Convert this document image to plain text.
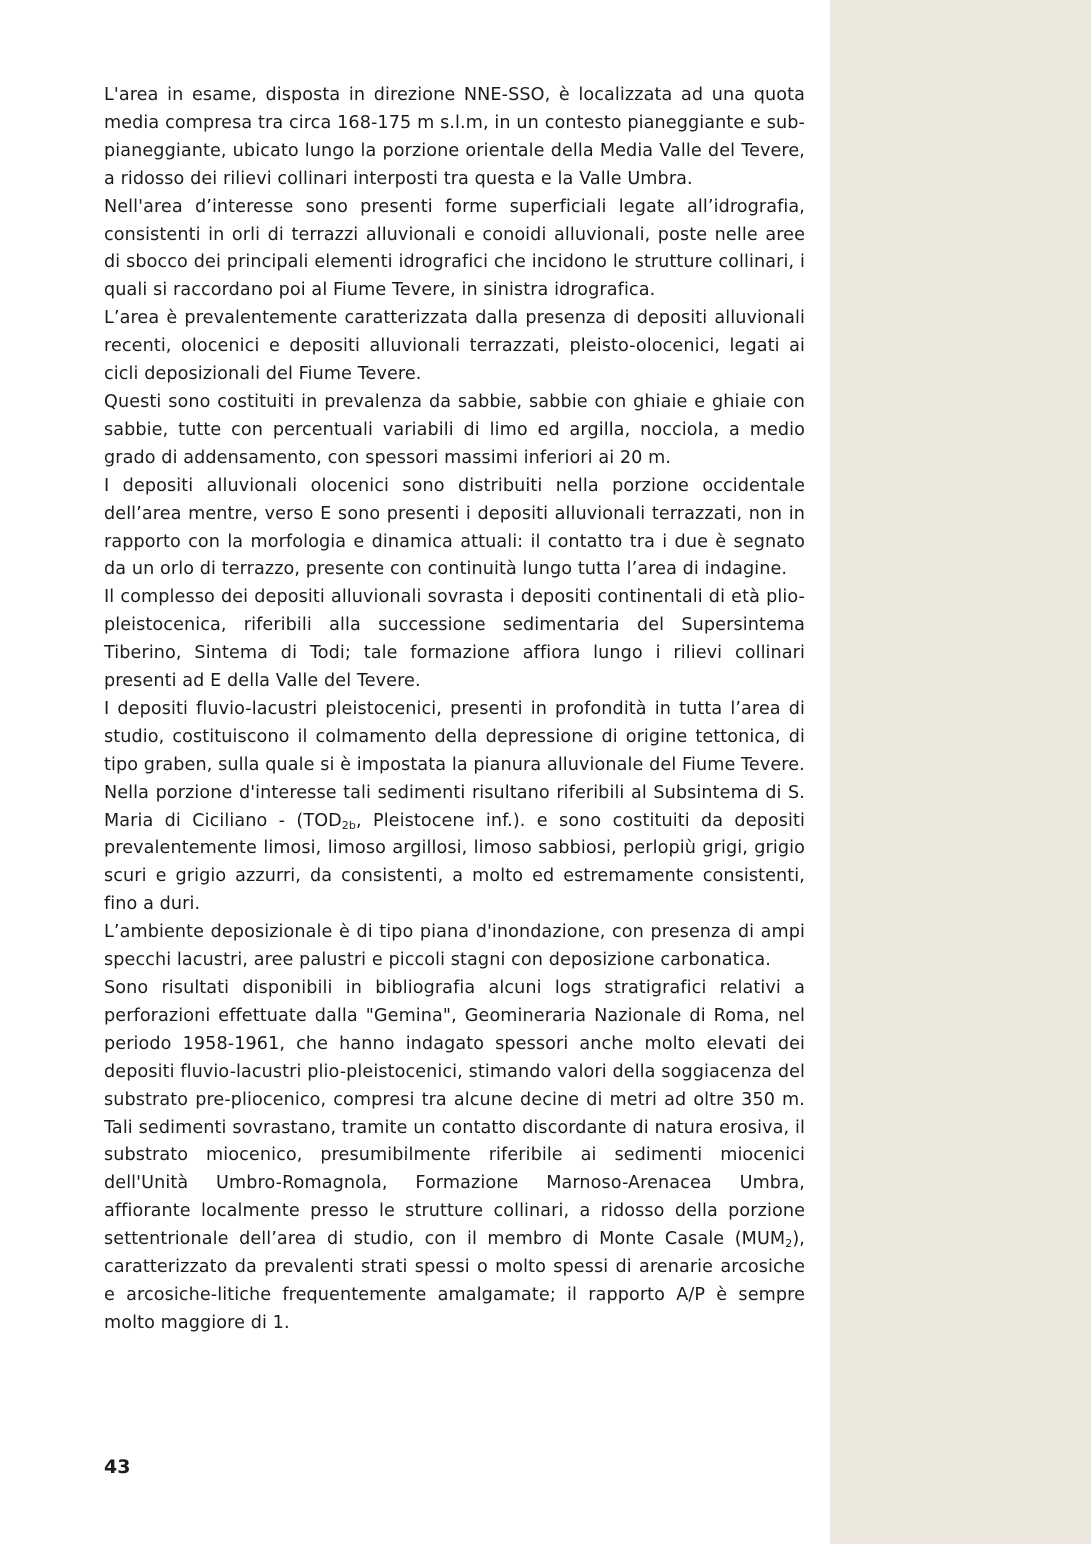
L'area in esame, disposta in direzione NNE-SSO, è localizzata ad una quota media compresa tra circa 168-175 m s.l.m, in un contesto pianeggiante e sub-pianeggiante, ubicato lungo la porzione orientale della Media Valle del Tevere, a ridosso dei rilievi collinari interposti tra questa e la Valle Umbra.

Nell'area d’interesse sono presenti forme superficiali legate all’idrografia, consistenti in orli di terrazzi alluvionali e conoidi alluvionali, poste nelle aree di sbocco dei principali elementi idrografici che incidono le strutture collinari, i quali si raccordano poi al Fiume Tevere, in sinistra idrografica.

L’area è prevalentemente caratterizzata dalla presenza di depositi alluvionali recenti, olocenici e depositi alluvionali terrazzati, pleisto-olocenici, legati ai cicli deposizionali del Fiume Tevere.

Questi sono costituiti in prevalenza da sabbie, sabbie con ghiaie e ghiaie con sabbie, tutte con percentuali variabili di limo ed argilla, nocciola, a medio grado di addensamento, con spessori massimi inferiori ai 20 m.

I depositi alluvionali olocenici sono distribuiti nella porzione occidentale dell’area mentre, verso E sono presenti i depositi alluvionali terrazzati, non in rapporto con la morfologia e dinamica attuali: il contatto tra i due è segnato da un orlo di terrazzo, presente con continuità lungo tutta l’area di indagine.

Il complesso dei depositi alluvionali sovrasta i depositi continentali di età plio-pleistocenica, riferibili alla successione sedimentaria del Supersintema Tiberino, Sintema di Todi; tale formazione affiora lungo i rilievi collinari presenti ad E della Valle del Tevere.

I depositi fluvio-lacustri pleistocenici, presenti in profondità in tutta l’area di studio, costituiscono il colmamento della depressione di origine tettonica, di tipo graben, sulla quale si è impostata la pianura alluvionale del Fiume Tevere.

Nella porzione d'interesse tali sedimenti risultano riferibili al Subsintema di S. Maria di Ciciliano - ($TOD_{2b}$, Pleistocene inf.). e sono costituiti da depositi prevalentemente limosi, limoso argillosi, limoso sabbiosi, perlopiù grigi, grigio scuri e grigio azzurri, da consistenti, a molto ed estremamente consistenti, fino a duri.

L’ambiente deposizionale è di tipo piana d'inondazione, con presenza di ampi specchi lacustri, aree palustri e piccoli stagni con deposizione carbonatica.

Sono risultati disponibili in bibliografia alcuni logs stratigrafici relativi a perforazioni effettuate dalla "Gemina", Geomineraria Nazionale di Roma, nel periodo 1958-1961, che hanno indagato spessori anche molto elevati dei depositi fluvio-lacustri plio-pleistocenici, stimando valori della soggiacenza del substrato pre-pliocenico, compresi tra alcune decine di metri ad oltre 350 m. Tali sedimenti sovrastano, tramite un contatto discordante di natura erosiva, il substrato miocenico, presumibilmente riferibile ai sedimenti miocenici dell'Unità Umbro-Romagnola, Formazione Marnoso-Arenacea Umbra, affiorante localmente presso le strutture collinari, a ridosso della porzione settentrionale dell’area di studio, con il membro di Monte Casale $(MUM_2)$, caratterizzato da prevalenti strati spessi o molto spessi di arenarie arcosiche e arcosiche-litiche frequentemente amalgamate; il rapporto A/P è sempre molto maggiore di 1.

43
